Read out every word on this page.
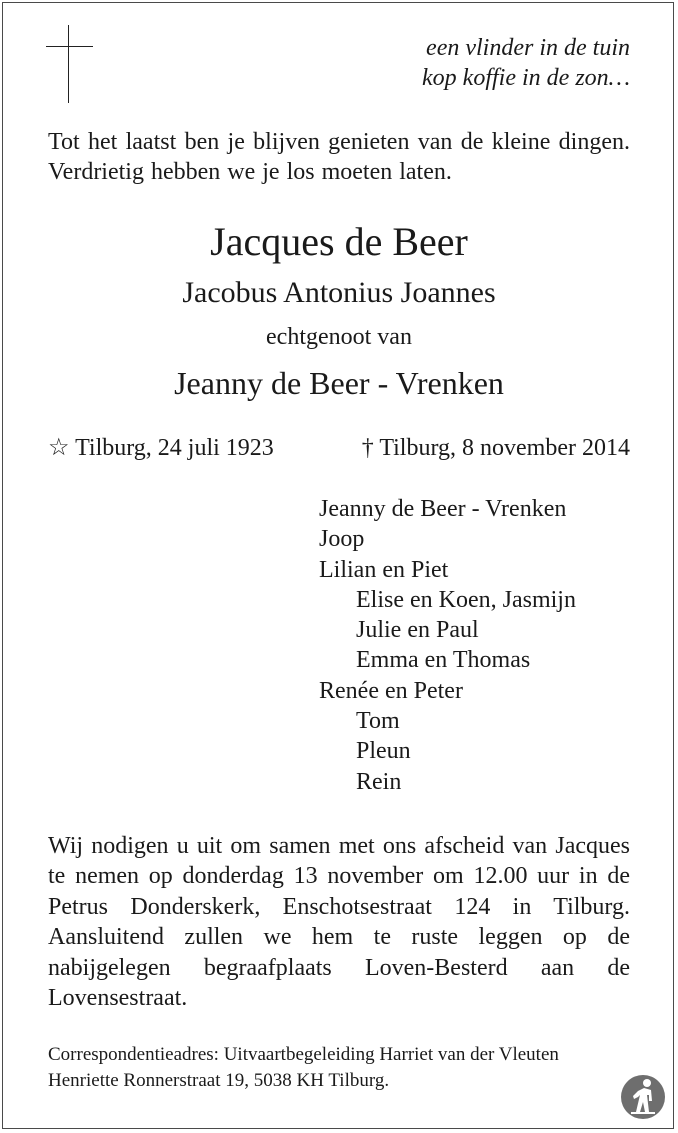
een vlinder in de tuin
kop koffie in de zon…
Tot het laatst ben je blijven genieten van de kleine dingen. Verdrietig hebben we je los moeten laten.
Jacques de Beer
Jacobus Antonius Joannes
echtgenoot van
Jeanny de Beer - Vrenken
☆ Tilburg, 24 juli 1923	† Tilburg, 8 november 2014
Jeanny de Beer - Vrenken
Joop
Lilian en Piet
Elise en Koen, Jasmijn
Julie en Paul
Emma en Thomas
Renée en Peter
Tom
Pleun
Rein
Wij nodigen u uit om samen met ons afscheid van Jacques te nemen op donderdag 13 november om 12.00 uur in de Petrus Donderskerk, Enschotsestraat 124 in Tilburg. Aansluitend zullen we hem te ruste leggen op de nabijgelegen begraafplaats Loven-Besterd aan de Lovensestraat.
Correspondentieadres: Uitvaartbegeleiding Harriet van der Vleuten
Henriette Ronnerstraat 19, 5038 KH Tilburg.
